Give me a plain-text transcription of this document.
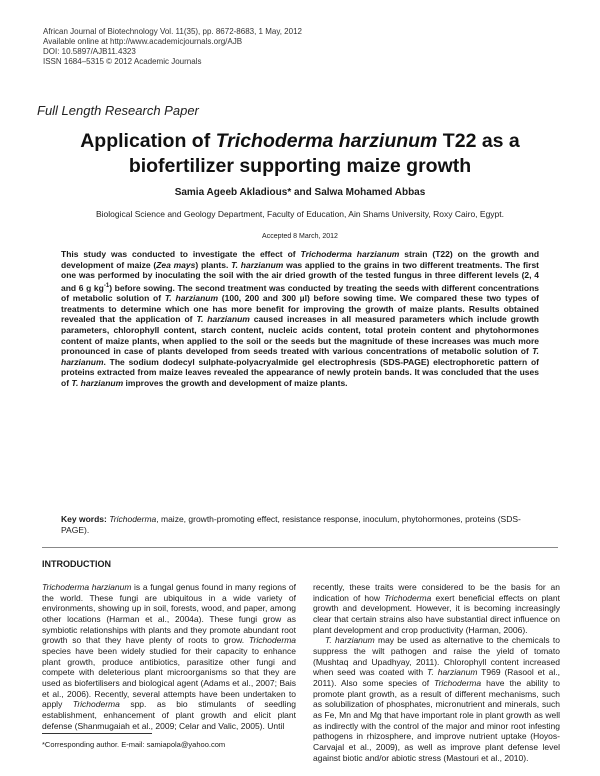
African Journal of Biotechnology Vol. 11(35), pp. 8672-8683, 1 May, 2012
Available online at http://www.academicjournals.org/AJB
DOI: 10.5897/AJB11.4323
ISSN 1684–5315 © 2012 Academic Journals
Full Length Research Paper
Application of Trichoderma harziunum T22 as a biofertilizer supporting maize growth
Samia Ageeb Akladious* and Salwa Mohamed Abbas
Biological Science and Geology Department, Faculty of Education, Ain Shams University, Roxy Cairo, Egypt.
Accepted 8 March, 2012
This study was conducted to investigate the effect of Trichoderma harzianum strain (T22) on the growth and development of maize (Zea mays) plants. T. harzianum was applied to the grains in two different treatments. The first one was performed by inoculating the soil with the air dried growth of the tested fungus in three different levels (2, 4 and 6 g $kg^{-1}$) before sowing. The second treatment was conducted by treating the seeds with different concentrations of metabolic solution of T. harzianum (100, 200 and 300 µl) before sowing time. We compared these two types of treatments to determine which one has more benefit for improving the growth of maize plants. Results obtained revealed that the application of T. harzianum caused increases in all measured parameters which include growth parameters, chlorophyll content, starch content, nucleic acids content, total protein content and phytohormones content of maize plants, when applied to the soil or the seeds but the magnitude of these increases was much more pronounced in case of plants developed from seeds treated with various concentrations of metabolic solution of T. harzianum. The sodium dodecyl sulphate-polyacryalmide gel electrophresis (SDS-PAGE) electrophoretic pattern of proteins extracted from maize leaves revealed the appearance of newly protein bands. It was concluded that the uses of T. harzianum improves the growth and development of maize plants.
Key words: Trichoderma, maize, growth-promoting effect, resistance response, inoculum, phytohormones, proteins (SDS-PAGE).
INTRODUCTION
Trichoderma harzianum is a fungal genus found in many regions of the world. These fungi are ubiquitous in a wide variety of environments, showing up in soil, forests, wood, and paper, among other locations (Harman et al., 2004a). These fungi grow as symbiotic relationships with plants and they promote abundant root growth so that they have plenty of roots to grow. Trichoderma species have been widely studied for their capacity to enhance plant growth, produce antibiotics, parasitize other fungi and compete with deleterious plant microorganisms so that they are used as biofertilisers and biological agent (Adams et al., 2007; Bais et al., 2006). Recently, several attempts have been undertaken to apply Trichoderma spp. as bio stimulants of seedling establishment, enhancement of plant growth and elicit plant defense (Shanmugaiah et al., 2009; Celar and Valic, 2005). Until
recently, these traits were considered to be the basis for an indication of how Trichoderma exert beneficial effects on plant growth and development. However, it is becoming increasingly clear that certain strains also have substantial direct influence on plant development and crop productivity (Harman, 2006).
T. harzianum may be used as alternative to the chemicals to suppress the wilt pathogen and raise the yield of tomato (Mushtaq and Upadhyay, 2011). Chlorophyll content increased when seed was coated with T. harzianum T969 (Rasool et al., 2011). Also some species of Trichoderma have the ability to promote plant growth, as a result of different mechanisms, such as solubilization of phosphates, micronutrient and minerals, such as Fe, Mn and Mg that have important role in plant growth as well as indirectly with the control of the major and minor root infesting pathogens in rhizosphere, and improve nutrient uptake (Hoyos-Carvajal et al., 2009), as well as improve plant defense level against biotic and/or abiotic stress (Mastouri et al., 2010).
*Corresponding author. E-mail: samiapola@yahoo.com
